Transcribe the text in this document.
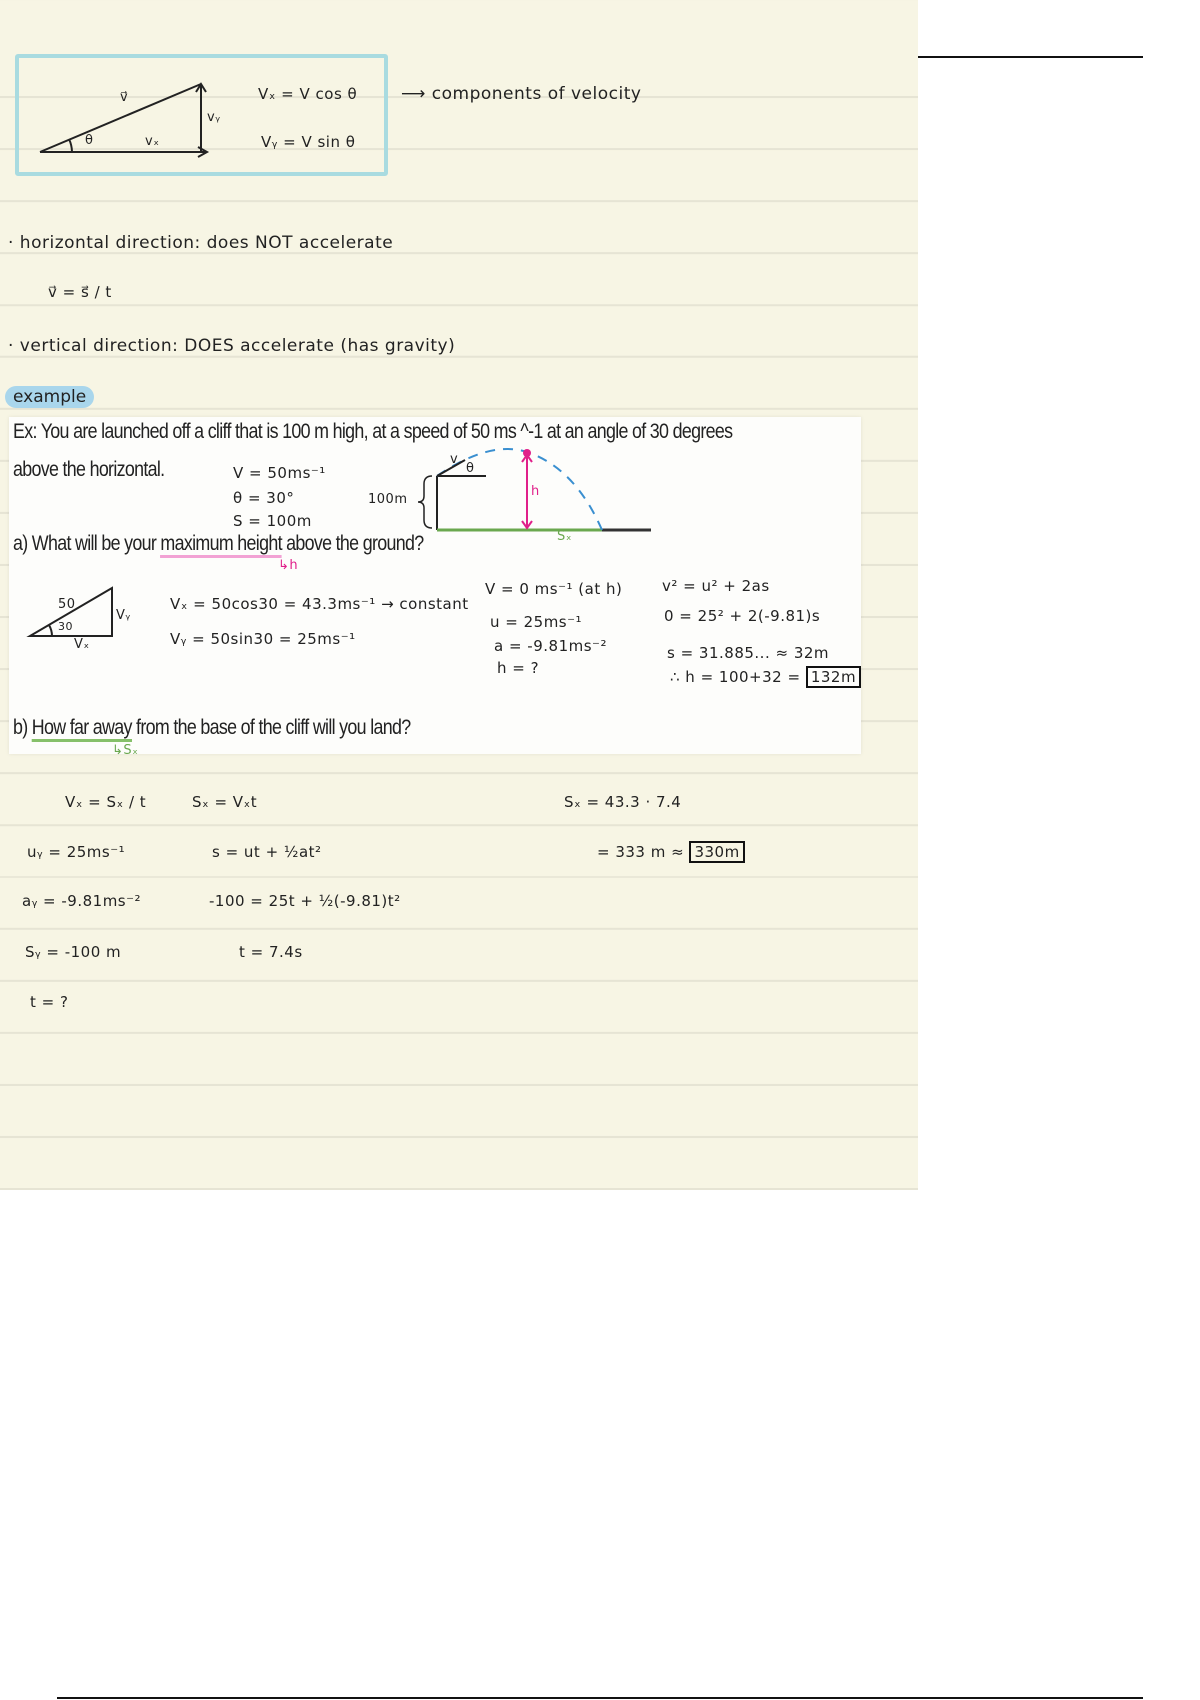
v⃗
vₓ
vᵧ
θ
Vₓ = V cos θ
Vᵧ = V sin θ
⟶ components of velocity
· horizontal direction: does NOT accelerate
v⃗ = s⃗ / t
· vertical direction: DOES accelerate (has gravity)
example
Ex: You are launched off a cliff that is 100 m high, at a speed of 50 ms ^-1 at an angle of 30 degrees
above the horizontal.	V = 50ms⁻¹
θ = 30°
S = 100m
100m
h
Sₓ
v
θ
a) What will be your maximum height above the ground?
↳h
50
30
Vₓ
Vᵧ
Vₓ = 50cos30 = 43.3ms⁻¹ → constant
Vᵧ = 50sin30 = 25ms⁻¹
V = 0 ms⁻¹ (at h)
u = 25ms⁻¹
a = -9.81ms⁻²
h = ?
v² = u² + 2as
0 = 25² + 2(-9.81)s
s = 31.885... ≈ 32m
∴ h = 100+32 = 132m
b) How far away from the base of the cliff will you land?
↳Sₓ
Vₓ = Sₓ / t
uᵧ = 25ms⁻¹
aᵧ = -9.81ms⁻²
Sᵧ = -100 m
t = ?
Sₓ = Vₓt
s = ut + ½at²
-100 = 25t + ½(-9.81)t²
t = 7.4s
Sₓ = 43.3 · 7.4
= 333 m ≈ 330m
